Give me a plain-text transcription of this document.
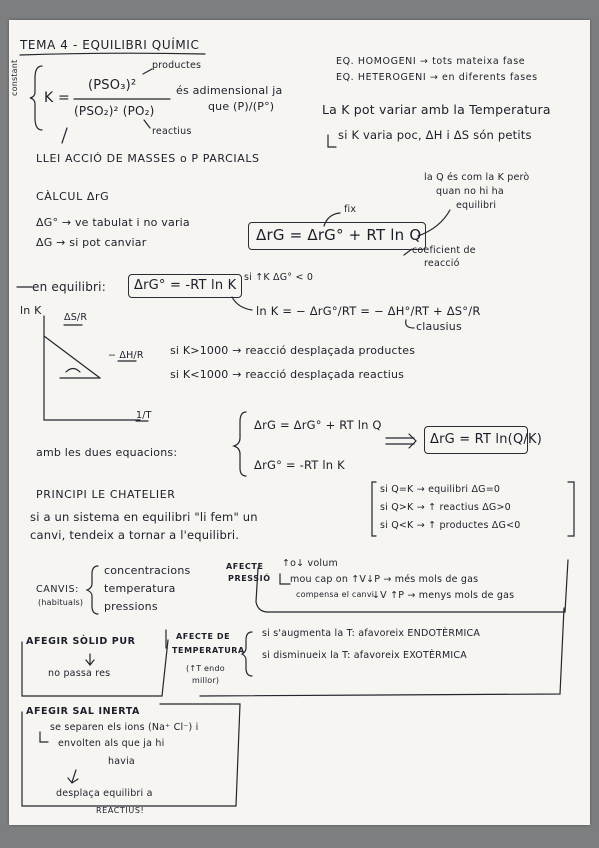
TEMA 4 - EQUILIBRI QUÍMIC
constant
K =
(PSO₃)²
(PSO₂)² (PO₂)
productes
reactius
és adimensional ja
que (P)/(P°)
EQ. HOMOGENI → tots mateixa fase
EQ. HETEROGENI → en diferents fases
La K pot variar amb la Temperatura
si K varia poc, ΔH i ΔS són petits
LLEI ACCIÓ DE MASSES o P PARCIALS
CÀLCUL ΔrG
ΔG° → ve tabulat i no varia
ΔG → si pot canviar
fix
ΔrG = ΔrG° + RT ln Q
la Q és com la K però
quan no hi ha
equilibri
coeficient de
reacció
en equilibri: ΔrG° = -RT ln K
si ↑K ΔG° < 0
ln K = − ΔrG°/RT = − ΔH°/RT + ΔS°/R
clausius
ln K
ΔS/R
− ΔH/R
1/T
si K>1000 → reacció desplaçada productes
si K<1000 → reacció desplaçada reactius
amb les dues equacions:
ΔrG = ΔrG° + RT ln Q
ΔrG° = -RT ln K
ΔrG = RT ln(Q/K)
PRINCIPI LE CHATELIER
si a un sistema en equilibri "li fem" un
canvi, tendeix a tornar a l'equilibri.
si Q=K → equilibri ΔG=0
si Q>K → ↑ reactius ΔG>0
si Q<K → ↑ productes ΔG<0
CANVIS:
(habituals)
concentracions
temperatura
pressions
AFECTE
PRESSIÓ
↑o↓ volum
mou cap on ↑V↓P → més mols de gas
compensa el canvi
↓V ↑P → menys mols de gas
AFEGIR SÒLID PUR
no passa res
AFECTE DE
TEMPERATURA
(↑T endo
millor)
si s'augmenta la T: afavoreix ENDOTÈRMICA
si disminueix la T: afavoreix EXOTÈRMICA
AFEGIR SAL INERTA
se separen els ions (Na⁺ Cl⁻) i
envolten als que ja hi
havia
desplaça equilibri a
REACTIUS!
